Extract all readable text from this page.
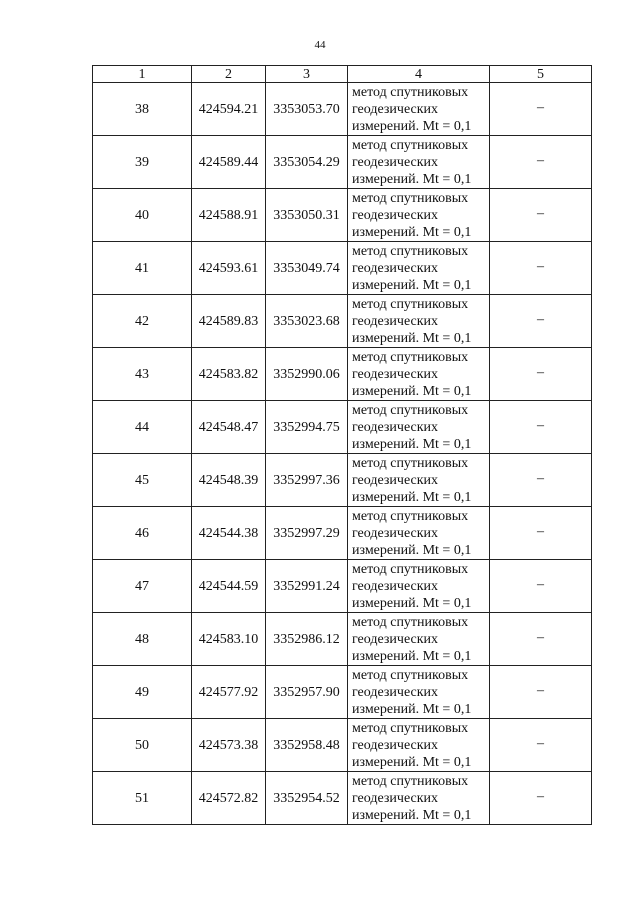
44
1	2	3	4	5
38	424594.21	3353053.70	метод спутниковых
геодезических
измерений. Mt = 0,1	–
39	424589.44	3353054.29	метод спутниковых
геодезических
измерений. Mt = 0,1	–
40	424588.91	3353050.31	метод спутниковых
геодезических
измерений. Mt = 0,1	–
41	424593.61	3353049.74	метод спутниковых
геодезических
измерений. Mt = 0,1	–
42	424589.83	3353023.68	метод спутниковых
геодезических
измерений. Mt = 0,1	–
43	424583.82	3352990.06	метод спутниковых
геодезических
измерений. Mt = 0,1	–
44	424548.47	3352994.75	метод спутниковых
геодезических
измерений. Mt = 0,1	–
45	424548.39	3352997.36	метод спутниковых
геодезических
измерений. Mt = 0,1	–
46	424544.38	3352997.29	метод спутниковых
геодезических
измерений. Mt = 0,1	–
47	424544.59	3352991.24	метод спутниковых
геодезических
измерений. Mt = 0,1	–
48	424583.10	3352986.12	метод спутниковых
геодезических
измерений. Mt = 0,1	–
49	424577.92	3352957.90	метод спутниковых
геодезических
измерений. Mt = 0,1	–
50	424573.38	3352958.48	метод спутниковых
геодезических
измерений. Mt = 0,1	–
51	424572.82	3352954.52	метод спутниковых
геодезических
измерений. Mt = 0,1	–
